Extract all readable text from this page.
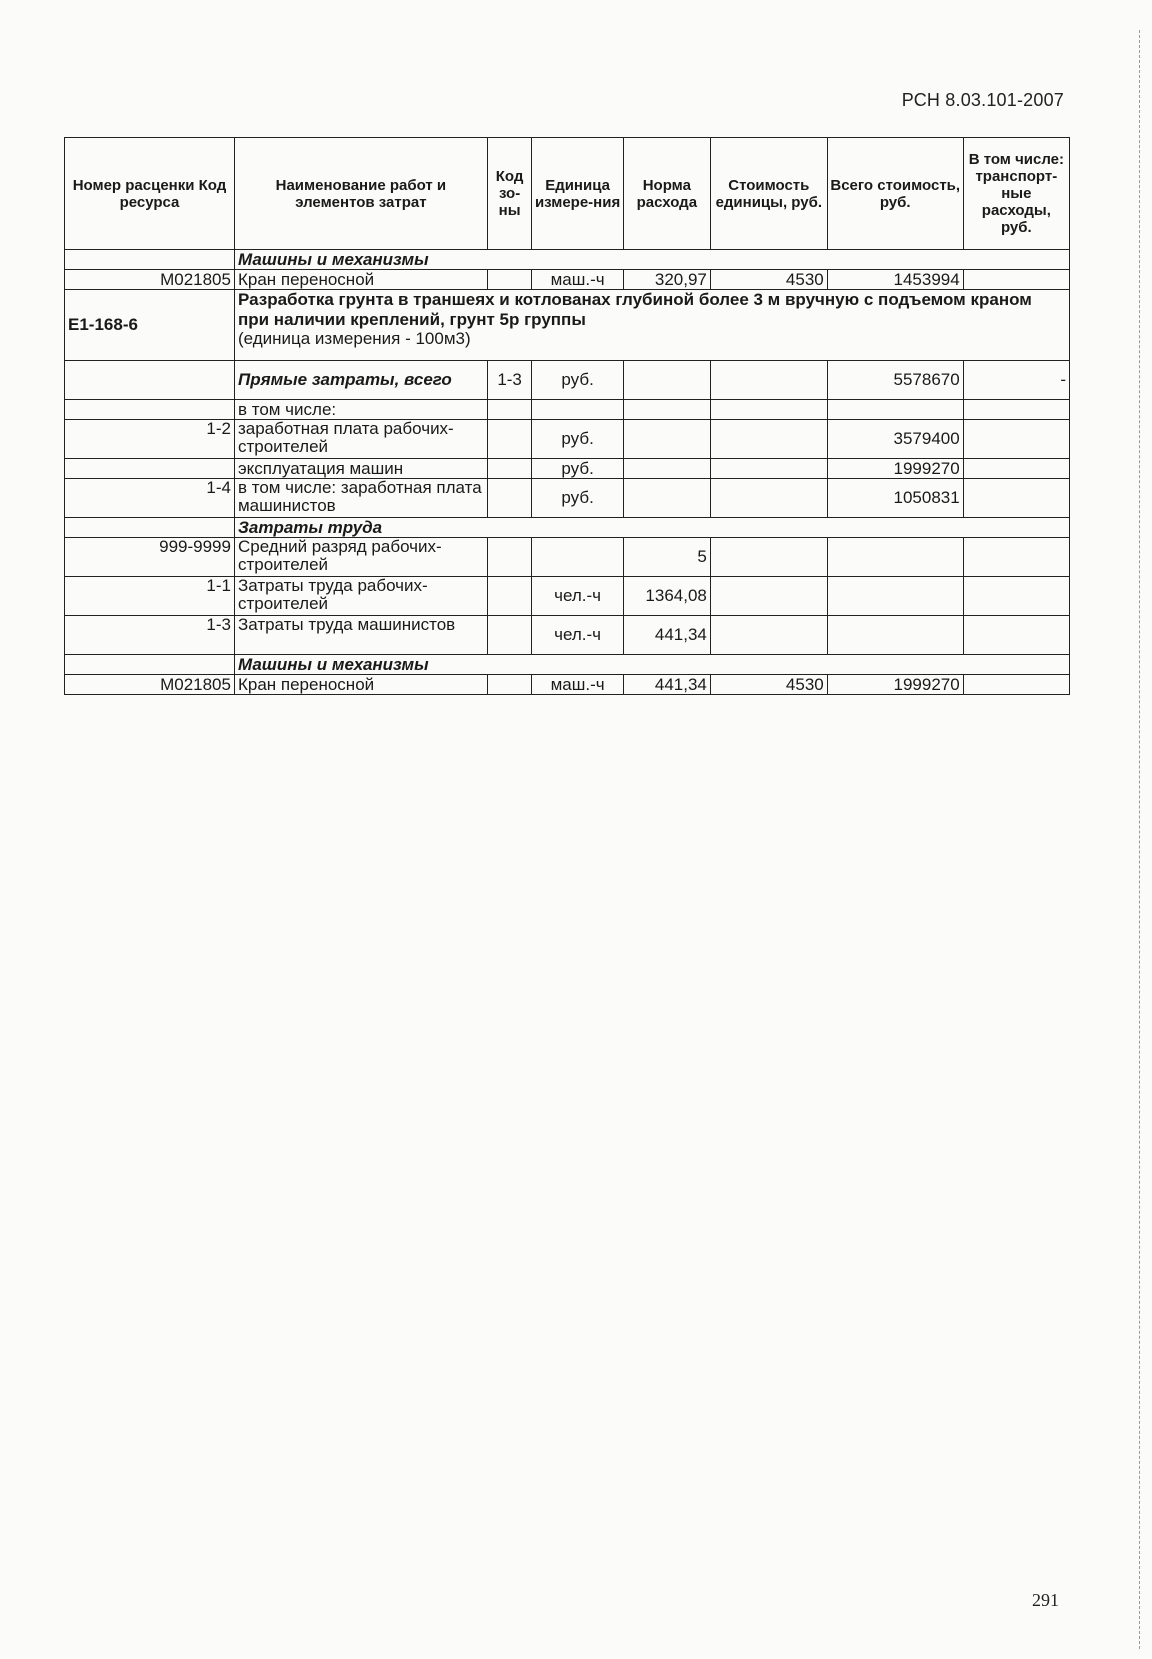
РСН 8.03.101-2007
Номер расценки Код ресурса	Наименование работ и элементов затрат	Код зо-ны	Единица измере-ния	Норма расхода	Стоимость единицы, руб.	Всего стоимость, руб.	В том числе: транспорт-ные расходы, руб.
	Машины и механизмы						
М021805	Кран переносной		маш.-ч	320,97	4530	1453994	
Е1-168-6	Разработка грунта в траншеях и котлованах глубиной более 3 м вручную с подъемом краном при наличии креплений, грунт 5р группы
(единица измерения - 100м3)						

	Прямые затраты, всего	1-3	руб.			5578670	-
	в том числе:						
1-2	заработная плата рабочих-строителей		руб.			3579400	
	эксплуатация машин		руб.			1999270	
1-4	в том числе: заработная плата машинистов		руб.			1050831	
	Затраты труда						
999-9999	Средний разряд рабочих-строителей			5			
1-1	Затраты труда рабочих-строителей		чел.-ч	1364,08			
1-3	Затраты труда машинистов		чел.-ч	441,34			
	Машины и механизмы						
М021805	Кран переносной		маш.-ч	441,34	4530	1999270	
291
